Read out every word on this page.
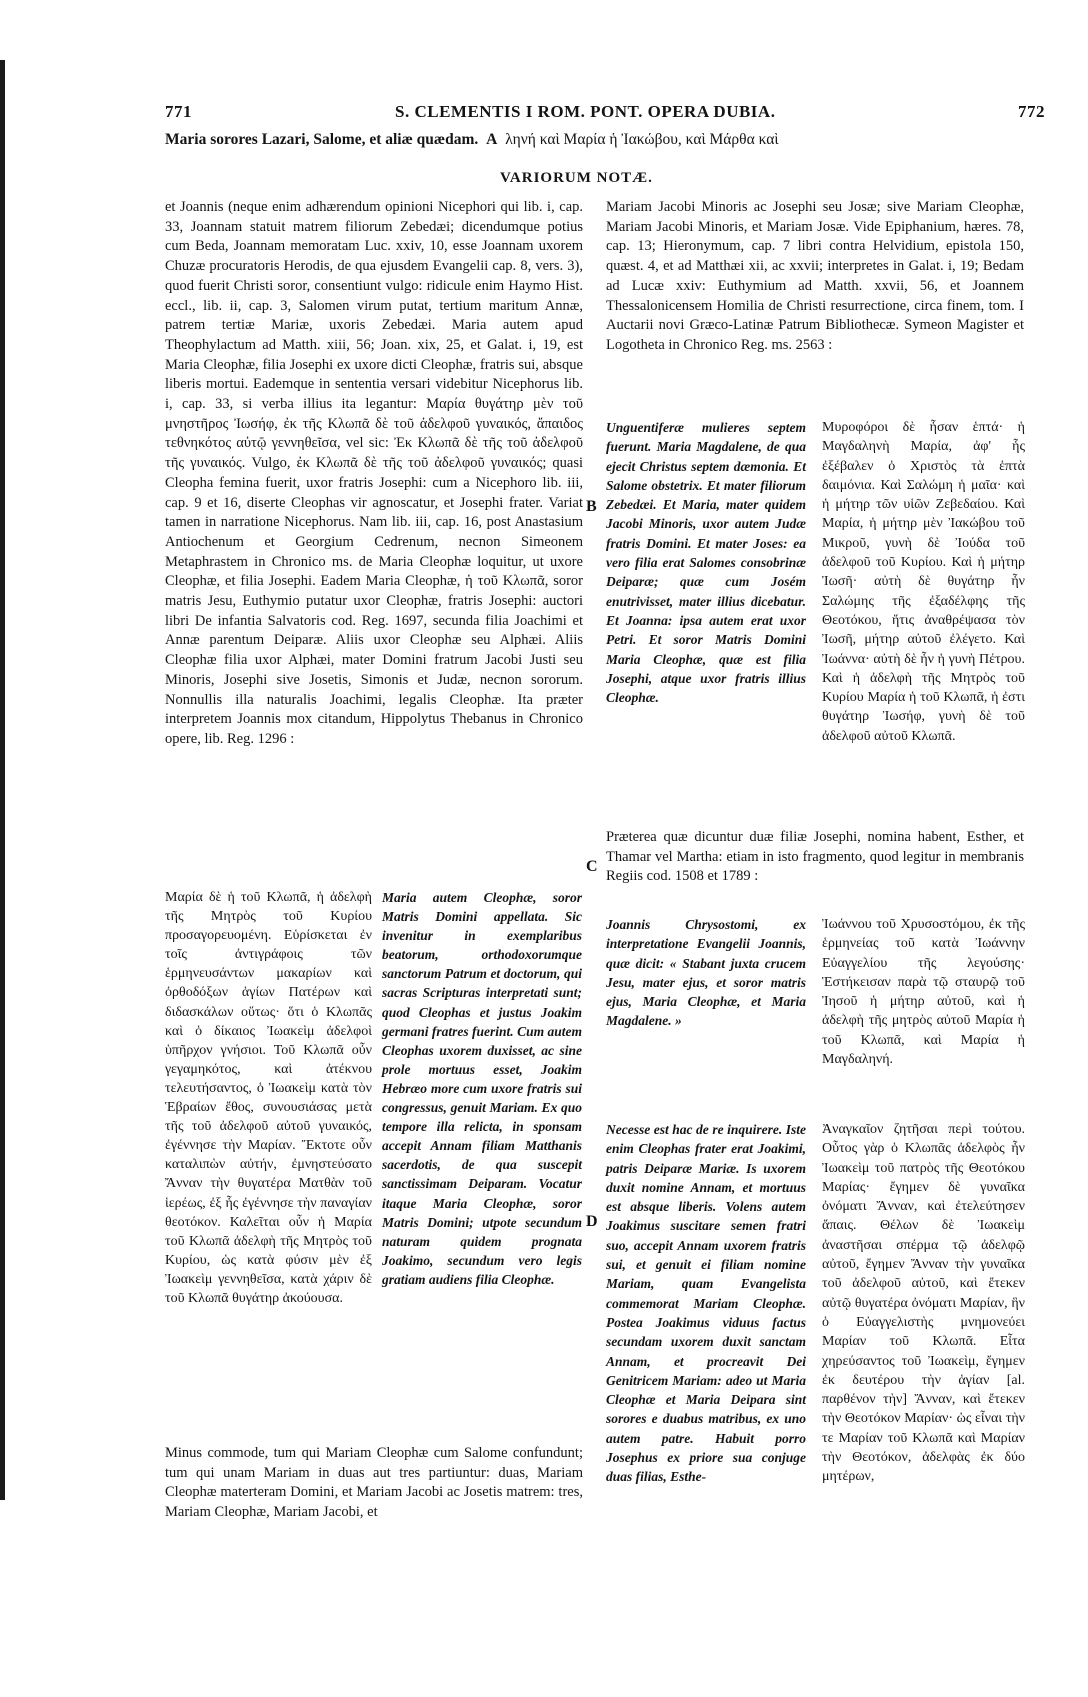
771	S. CLEMENTIS I ROM. PONT. OPERA DUBIA.	772
Maria sorores Lazari, Salome, et aliæ quædam. A ληνή καὶ Μαρία ἡ Ἰακώβου, καὶ Μάρθα καὶ
VARIORUM NOTÆ.

et Joannis (neque enim adhærendum opinioni Nicephori qui lib. i, cap. 33, Joannam statuit matrem filiorum Zebedæi; dicendumque potius cum Beda, Joannam memoratam Luc. xxiv, 10, esse Joannam uxorem Chuzæ procuratoris Herodis, de qua ejusdem Evangelii cap. 8, vers. 3), quod fuerit Christi soror, consentiunt vulgo: ridicule enim Haymo Hist. eccl., lib. ii, cap. 3, Salomen virum putat, tertium maritum Annæ, patrem tertiæ Mariæ, uxoris Zebedæi. Maria autem apud Theophylactum ad Matth. xiii, 56; Joan. xix, 25, et Galat. i, 19, est Maria Cleophæ, filia Josephi ex uxore dicti Cleophæ, fratris sui, absque liberis mortui. Eademque in sententia versari videbitur Nicephorus lib. i, cap. 33, si verba illius ita legantur: Μαρία θυγάτηρ μὲν τοῦ μνηστῆρος Ἰωσήφ, ἐκ τῆς Κλωπᾶ δὲ τοῦ ἀδελφοῦ γυναικός, ἄπαιδος τεθνηκότος αὐτῷ γεννηθεῖσα, vel sic: Ἐκ Κλωπᾶ δὲ τῆς τοῦ ἀδελφοῦ τῆς γυναικός. Vulgo, ἐκ Κλωπᾶ δὲ τῆς τοῦ ἀδελφοῦ γυναικός; quasi Cleopha femina fuerit, uxor fratris Josephi: cum a Nicephoro lib. iii, cap. 9 et 16, diserte Cleophas vir agnoscatur, et Josephi frater. Variat tamen in narratione Nicephorus. Nam lib. iii, cap. 16, post Anastasium Antiochenum et Georgium Cedrenum, necnon Simeonem Metaphrastem in Chronico ms. de Maria Cleophæ loquitur, ut uxore Cleophæ, et filia Josephi. Eadem Maria Cleophæ, ἡ τοῦ Κλωπᾶ, soror matris Jesu, Euthymio putatur uxor Cleophæ, fratris Josephi: auctori libri De infantia Salvatoris cod. Reg. 1697, secunda filia Joachimi et Annæ parentum Deiparæ. Aliis uxor Cleophæ seu Alphæi. Aliis Cleophæ filia uxor Alphæi, mater Domini fratrum Jacobi Justi seu Minoris, Josephi sive Josetis, Simonis et Judæ, necnon sororum. Nonnullis illa naturalis Joachimi, legalis Cleophæ. Ita præter interpretem Joannis mox citandum, Hippolytus Thebanus in Chronico opere, lib. Reg. 1296 :

Μαρία δὲ ἡ τοῦ Κλωπᾶ, ἡ ἀδελφὴ τῆς Μητρὸς τοῦ Κυρίου προσαγορευομένη. Εὑρίσκεται ἐν τοῖς ἀντιγράφοις τῶν ἑρμηνευσάντων μακαρίων καὶ ὀρθοδόξων ἁγίων Πατέρων καὶ διδασκάλων οὕτως· ὅτι ὁ Κλωπᾶς καὶ ὁ δίκαιος Ἰωακεὶμ ἀδελφοὶ ὑπῆρχον γνήσιοι. Τοῦ Κλωπᾶ οὖν γεγαμηκότος, καὶ ἀτέκνου τελευτήσαντος, ὁ Ἰωακεὶμ κατὰ τὸν Ἑβραίων ἔθος, συνουσιάσας μετὰ τῆς τοῦ ἀδελφοῦ αὐτοῦ γυναικός, ἐγέννησε τὴν Μαρίαν. Ἔκτοτε οὖν καταλιπὼν αὐτήν, ἐμνηστεύσατο Ἄνναν τὴν θυγατέρα Ματθὰν τοῦ ἱερέως, ἐξ ἧς ἐγέννησε τὴν παναγίαν θεοτόκον. Καλεῖται οὖν ἡ Μαρία τοῦ Κλωπᾶ ἀδελφὴ τῆς Μητρὸς τοῦ Κυρίου, ὡς κατὰ φύσιν μὲν ἐξ Ἰωακεὶμ γεννηθεῖσα, κατὰ χάριν δὲ τοῦ Κλωπᾶ θυγάτηρ ἀκούουσα.

Maria autem Cleophæ, soror Matris Domini appellata. Sic invenitur in exemplaribus beatorum, orthodoxorumque sanctorum Patrum et doctorum, qui sacras Scripturas interpretati sunt; quod Cleophas et justus Joakim germani fratres fuerint. Cum autem Cleophas uxorem duxisset, ac sine prole mortuus esset, Joakim Hebræo more cum uxore fratris sui congressus, genuit Mariam. Ex quo tempore illa relicta, in sponsam accepit Annam filiam Matthanis sacerdotis, de qua suscepit sanctissimam Deiparam. Vocatur itaque Maria Cleophæ, soror Matris Domini; utpote secundum naturam quidem prognata Joakimo, secundum vero legis gratiam audiens filia Cleophæ.

Minus commode, tum qui Mariam Cleophæ cum Salome confundunt; tum qui unam Mariam in duas aut tres partiuntur: duas, Mariam Cleophæ materteram Domini, et Mariam Jacobi ac Josetis matrem: tres, Mariam Cleophæ, Mariam Jacobi, et

B
C
D

Mariam Jacobi Minoris ac Josephi seu Josæ; sive Mariam Cleophæ, Mariam Jacobi Minoris, et Mariam Josæ. Vide Epiphanium, hæres. 78, cap. 13; Hieronymum, cap. 7 libri contra Helvidium, epistola 150, quæst. 4, et ad Matthæi xii, ac xxvii; interpretes in Galat. i, 19; Bedam ad Lucæ xxiv: Euthymium ad Matth. xxvii, 56, et Joannem Thessalonicensem Homilia de Christi resurrectione, circa finem, tom. I Auctarii novi Græco-Latinæ Patrum Bibliothecæ. Symeon Magister et Logotheta in Chronico Reg. ms. 2563 :

Unguentiferæ mulieres septem fuerunt. Maria Magdalene, de qua ejecit Christus septem dæmonia. Et Salome obstetrix. Et mater filiorum Zebedæi. Et Maria, mater quidem Jacobi Minoris, uxor autem Judæ fratris Domini. Et mater Joses: ea vero filia erat Salomes consobrinæ Deiparæ; quæ cum Josém enutrivisset, mater illius dicebatur. Et Joanna: ipsa autem erat uxor Petri. Et soror Matris Domini Maria Cleophæ, quæ est filia Josephi, atque uxor fratris illius Cleophæ.

Μυροφόροι δὲ ἦσαν ἑπτά· ἡ Μαγδαληνὴ Μαρία, ἀφ' ἧς ἐξέβαλεν ὁ Χριστὸς τὰ ἑπτὰ δαιμόνια. Καὶ Σαλώμη ἡ μαῖα· καὶ ἡ μήτηρ τῶν υἱῶν Ζεβεδαίου. Καὶ Μαρία, ἡ μήτηρ μὲν Ἰακώβου τοῦ Μικροῦ, γυνὴ δὲ Ἰούδα τοῦ ἀδελφοῦ τοῦ Κυρίου. Καὶ ἡ μήτηρ Ἰωσῆ· αὐτὴ δὲ θυγάτηρ ἦν Σαλώμης τῆς ἐξαδέλφης τῆς Θεοτόκου, ἥτις ἀναθρέψασα τὸν Ἰωσῆ, μήτηρ αὐτοῦ ἐλέγετο. Καὶ Ἰωάννα· αὐτὴ δὲ ἦν ἡ γυνὴ Πέτρου. Καὶ ἡ ἀδελφὴ τῆς Μητρὸς τοῦ Κυρίου Μαρία ἡ τοῦ Κλωπᾶ, ἡ ἐστι θυγάτηρ Ἰωσήφ, γυνὴ δὲ τοῦ ἀδελφοῦ αὐτοῦ Κλωπᾶ.

Præterea quæ dicuntur duæ filiæ Josephi, nomina habent, Esther, et Thamar vel Martha: etiam in isto fragmento, quod legitur in membranis Regiis cod. 1508 et 1789 :

Joannis Chrysostomi, ex interpretatione Evangelii Joannis, quæ dicit: « Stabant juxta crucem Jesu, mater ejus, et soror matris ejus, Maria Cleophæ, et Maria Magdalene. »

Ἰωάννου τοῦ Χρυσοστόμου, ἐκ τῆς ἑρμηνείας τοῦ κατὰ Ἰωάννην Εὐαγγελίου τῆς λεγούσης· Ἑστήκεισαν παρὰ τῷ σταυρῷ τοῦ Ἰησοῦ ἡ μήτηρ αὐτοῦ, καὶ ἡ ἀδελφὴ τῆς μητρὸς αὐτοῦ Μαρία ἡ τοῦ Κλωπᾶ, καὶ Μαρία ἡ Μαγδαληνή.

Necesse est hac de re inquirere. Iste enim Cleophas frater erat Joakimi, patris Deiparæ Mariæ. Is uxorem duxit nomine Annam, et mortuus est absque liberis. Volens autem Joakimus suscitare semen fratri suo, accepit Annam uxorem fratris sui, et genuit ei filiam nomine Mariam, quam Evangelista commemorat Mariam Cleophæ. Postea Joakimus viduus factus secundam uxorem duxit sanctam Annam, et procreavit Dei Genitricem Mariam: adeo ut Maria Cleophæ et Maria Deipara sint sorores e duabus matribus, ex uno autem patre. Habuit porro Josephus ex priore sua conjuge duas filias, Esthe-

Ἀναγκαῖον ζητῆσαι περὶ τούτου. Οὗτος γὰρ ὁ Κλωπᾶς ἀδελφὸς ἦν Ἰωακεὶμ τοῦ πατρὸς τῆς Θεοτόκου Μαρίας· ἔγημεν δὲ γυναῖκα ὀνόματι Ἄνναν, καὶ ἐτελεύτησεν ἄπαις. Θέλων δὲ Ἰωακεὶμ ἀναστῆσαι σπέρμα τῷ ἀδελφῷ αὐτοῦ, ἔγημεν Ἄνναν τὴν γυναῖκα τοῦ ἀδελφοῦ αὐτοῦ, καὶ ἔτεκεν αὐτῷ θυγατέρα ὀνόματι Μαρίαν, ἣν ὁ Εὐαγγελιστὴς μνημονεύει Μαρίαν τοῦ Κλωπᾶ. Εἶτα χηρεύσαντος τοῦ Ἰωακεὶμ, ἔγημεν ἐκ δευτέρου τὴν ἁγίαν [al. παρθένον τὴν] Ἄνναν, καὶ ἔτεκεν τὴν Θεοτόκον Μαρίαν· ὡς εἶναι τὴν τε Μαρίαν τοῦ Κλωπᾶ καὶ Μαρίαν τὴν Θεοτόκον, ἀδελφὰς ἐκ δύο μητέρων,
